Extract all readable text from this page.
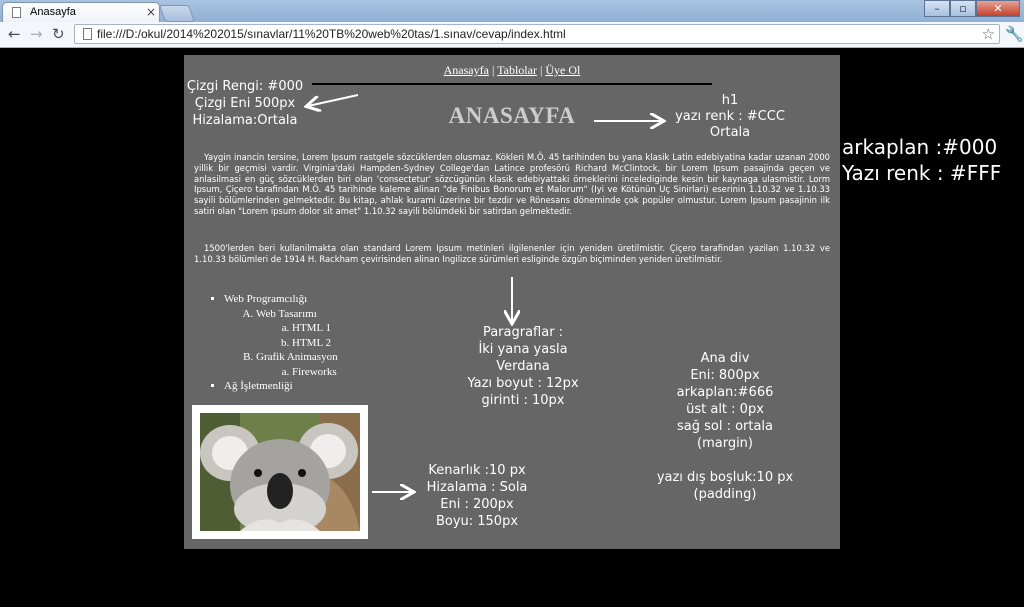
Anasayfa	×	–	▫	✕
← → ↻	file:///D:/okul/2014%202015/sınavlar/11%20TB%20web%20tas/1.sınav/cevap/index.html	☆ 🔧
Anasayfa | Tablolar | Üye Ol
ANASAYFA

Yaygin inancin tersine, Lorem Ipsum rastgele sözcüklerden olusmaz. Kökleri M.Ö. 45 tarihinden bu yana klasik Latin edebiyatina kadar uzanan 2000 yillik bir geçmisi vardir. Virginia'daki Hampden-Sydney College'dan Latince profesörü Richard McClintock, bir Lorem Ipsum pasajinda geçen ve anlasilmasi en güç sözcüklerden biri olan 'consectetur' sözcügünün klasik edebiyattaki örneklerini inceledi​ginde kesin bir kaynaga ulasmistir. Lorm Ipsum, Çiçero tarafindan M.Ö. 45 tarihinde kaleme alinan "de Finibus Bonorum et Malorum" (Iyi ve Kötünün Uç Sinirlari) eserinin 1.10.32 ve 1.10.33 sayili bölümlerinden gelmektedir. Bu kitap, ahlak kurami üzerine bir tezdir ve Rönesans döneminde çok popüler olmustur. Lorem Ipsum pasajinin ilk satiri olan "Lorem ipsum dolor sit amet" 1.10.32 sayili bölümdeki bir satirdan gelmektedir.

1500'lerden beri kullanilmakta olan standard Lorem Ipsum metinleri ilgilenenler için yeniden üretilmistir. Çiçero tarafindan yazilan 1.10.32 ve 1.10.33 bölümleri de 1914 H. Rackham çevirisinden alinan Ingilizce sürümleri esliginde özgün biçiminden yeniden üretilmistir.

▪ Web Programcılığı
A. Web Tasarımı
a. HTML 1
b. HTML 2
B. Grafik Animasyon
a. Fireworks
▪ Ağ İşletmenliği
Çizgi Rengi: #000
Çizgi Eni 500px
Hizalama:Ortala
h1
yazı renk : #CCC
Ortala
arkaplan :#000
Yazı renk : #FFF
Paragraflar :
İki yana yasla
Verdana
Yazı boyut : 12px
girinti : 10px
Ana div
Eni: 800px
arkaplan:#666
üst alt : 0px
sağ sol : ortala
(margin)
yazı dış boşluk:10 px
(padding)
Kenarlık :10 px
Hizalama : Sola
Eni : 200px
Boyu: 150px
